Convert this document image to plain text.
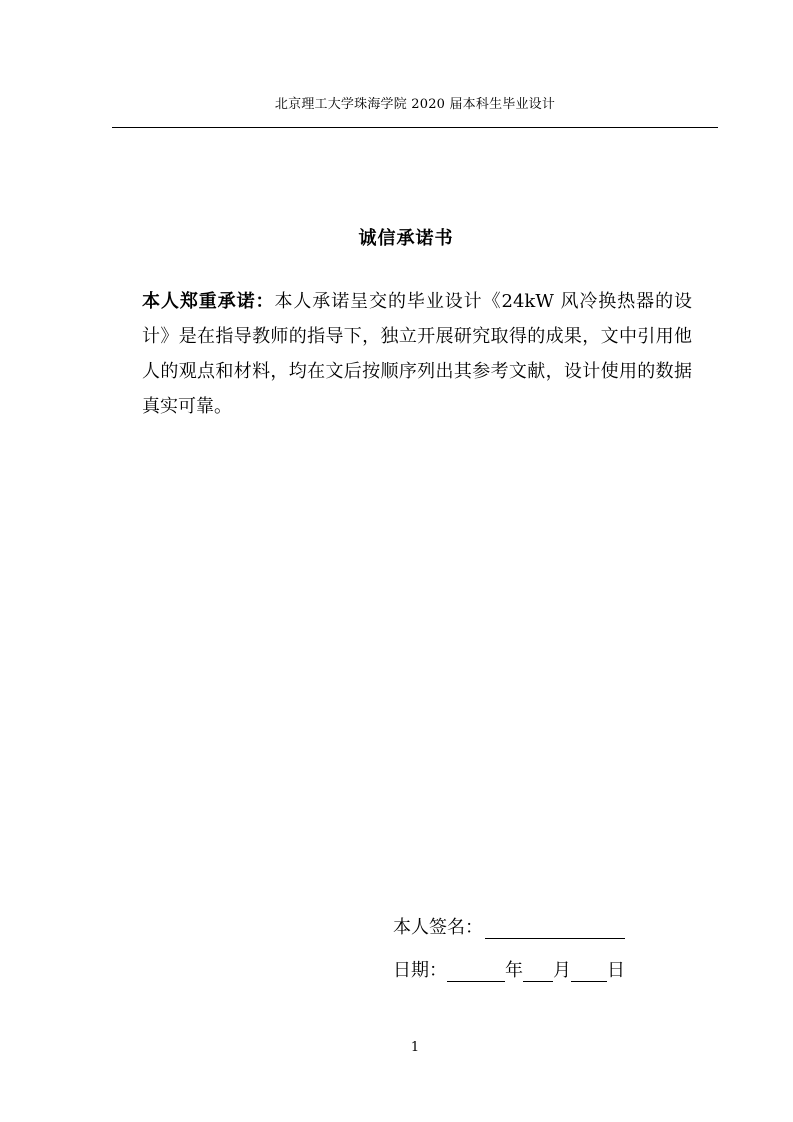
北京理工大学珠海学院 2020 届本科生毕业设计
诚信承诺书
本人郑重承诺：本人承诺呈交的毕业设计《24kW 风冷换热器的设计》是在指导教师的指导下，独立开展研究取得的成果，文中引用他人的观点和材料，均在文后按顺序列出其参考文献，设计使用的数据真实可靠。
本人签名：
日期：	年 月 日
1
